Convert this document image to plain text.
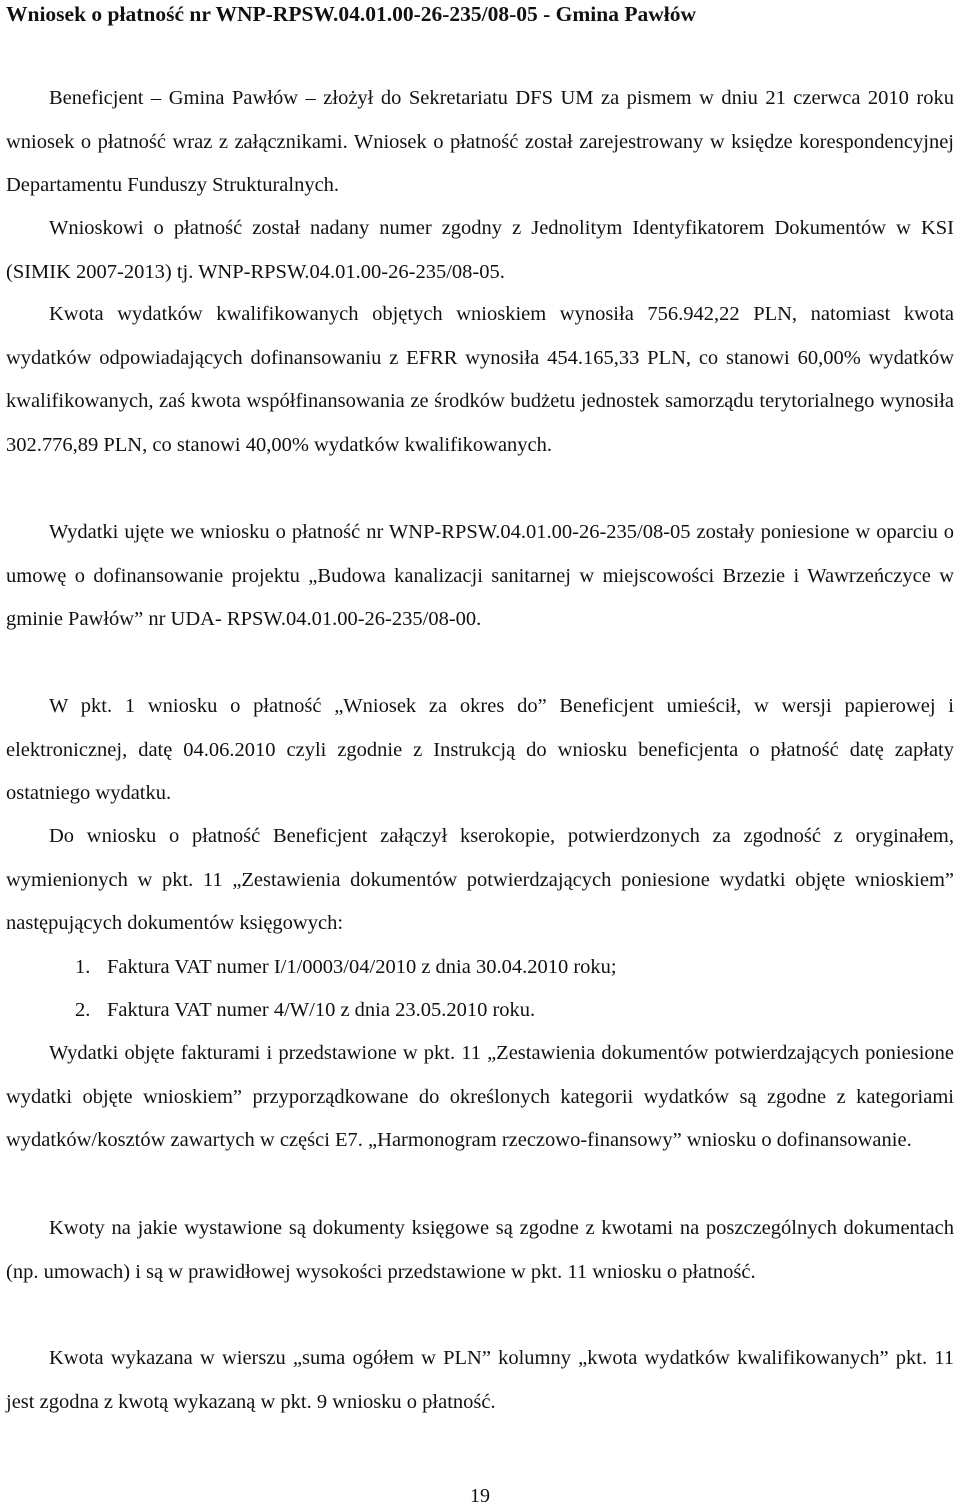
Wniosek o płatność nr WNP-RPSW.04.01.00-26-235/08-05 - Gmina Pawłów
Beneficjent – Gmina Pawłów – złożył do Sekretariatu DFS UM za pismem w dniu 21 czerwca 2010 roku wniosek o płatność wraz z załącznikami. Wniosek o płatność został zarejestrowany w księdze korespondencyjnej Departamentu Funduszy Strukturalnych.
Wnioskowi o płatność został nadany numer zgodny z Jednolitym Identyfikatorem Dokumentów w KSI (SIMIK 2007-2013) tj. WNP-RPSW.04.01.00-26-235/08-05.
Kwota wydatków kwalifikowanych objętych wnioskiem wynosiła 756.942,22 PLN, natomiast kwota wydatków odpowiadających dofinansowaniu z EFRR wynosiła 454.165,33 PLN, co stanowi 60,00% wydatków kwalifikowanych, zaś kwota współfinansowania ze środków budżetu jednostek samorządu terytorialnego wynosiła 302.776,89 PLN, co stanowi 40,00% wydatków kwalifikowanych.
Wydatki ujęte we wniosku o płatność nr WNP-RPSW.04.01.00-26-235/08-05 zostały poniesione w oparciu o umowę o dofinansowanie projektu „Budowa kanalizacji sanitarnej w miejscowości Brzezie i Wawrzeńczyce w gminie Pawłów” nr UDA- RPSW.04.01.00-26-235/08-00.
W pkt. 1 wniosku o płatność „Wniosek za okres do” Beneficjent umieścił, w wersji papierowej i elektronicznej, datę 04.06.2010 czyli zgodnie z Instrukcją do wniosku beneficjenta o płatność datę zapłaty ostatniego wydatku.
Do wniosku o płatność Beneficjent załączył kserokopie, potwierdzonych za zgodność z oryginałem, wymienionych w pkt. 11 „Zestawienia dokumentów potwierdzających poniesione wydatki objęte wnioskiem” następujących dokumentów księgowych:
1. Faktura VAT numer I/1/0003/04/2010 z dnia 30.04.2010 roku;
2. Faktura VAT numer 4/W/10 z dnia 23.05.2010 roku.
Wydatki objęte fakturami i przedstawione w pkt. 11 „Zestawienia dokumentów potwierdzających poniesione wydatki objęte wnioskiem” przyporządkowane do określonych kategorii wydatków są zgodne z kategoriami wydatków/kosztów zawartych w części E7. „Harmonogram rzeczowo-finansowy” wniosku o dofinansowanie.
Kwoty na jakie wystawione są dokumenty księgowe są zgodne z kwotami na poszczególnych dokumentach (np. umowach) i są w prawidłowej wysokości przedstawione w pkt. 11 wniosku o płatność.
Kwota wykazana w wierszu „suma ogółem w PLN” kolumny „kwota wydatków kwalifikowanych” pkt. 11 jest zgodna z kwotą wykazaną w pkt. 9 wniosku o płatność.
19
